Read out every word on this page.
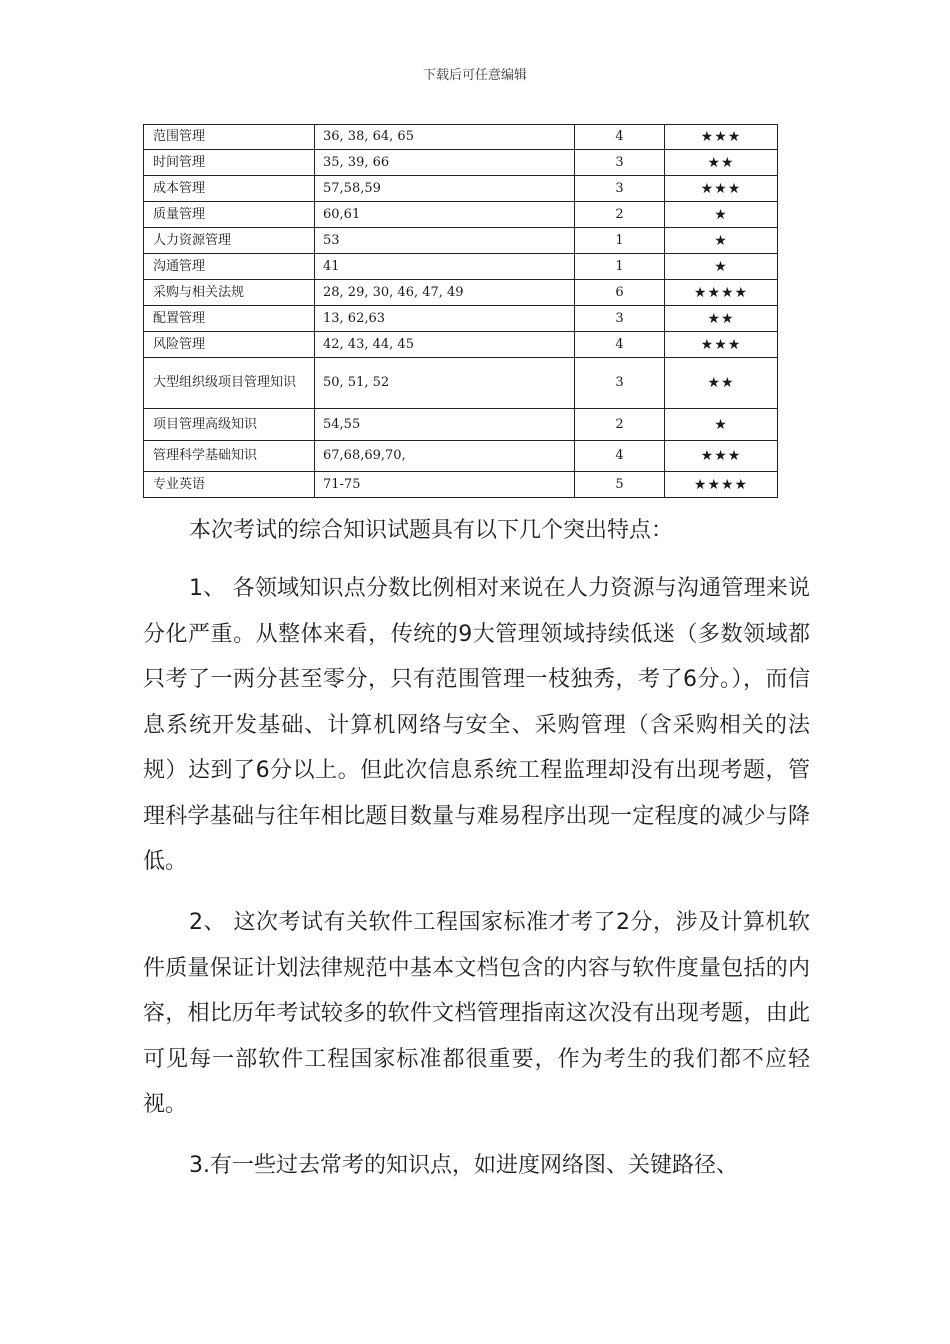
下载后可任意编辑
范围管理	36, 38, 64, 65	4	★★★
时间管理	35, 39, 66	3	★★
成本管理	57,58,59	3	★★★
质量管理	60,61	2	★
人力资源管理	53	1	★
沟通管理	41	1	★
采购与相关法规	28, 29, 30, 46, 47, 49	6	★★★★
配置管理	13, 62,63	3	★★
风险管理	42, 43, 44, 45	4	★★★
大型组织级项目管理知识	50, 51, 52	3	★★
项目管理高级知识	54,55	2	★
管理科学基础知识	67,68,69,70,	4	★★★
专业英语	71-75	5	★★★★

本次考试的综合知识试题具有以下几个突出特点：

1、 各领域知识点分数比例相对来说在人力资源与沟通管理来说分化严重。从整体来看，传统的9大管理领域持续低迷（多数领域都只考了一两分甚至零分，只有范围管理一枝独秀，考了6分。），而信息系统开发基础、计算机网络与安全、采购管理（含采购相关的法规）达到了6分以上。但此次信息系统工程监理却没有出现考题，管理科学基础与往年相比题目数量与难易程序出现一定程度的减少与降低。

2、 这次考试有关软件工程国家标准才考了2分，涉及计算机软件质量保证计划法律规范中基本文档包含的内容与软件度量包括的内容，相比历年考试较多的软件文档管理指南这次没有出现考题，由此可见每一部软件工程国家标准都很重要，作为考生的我们都不应轻视。

3.有一些过去常考的知识点，如进度网络图、关键路径、
